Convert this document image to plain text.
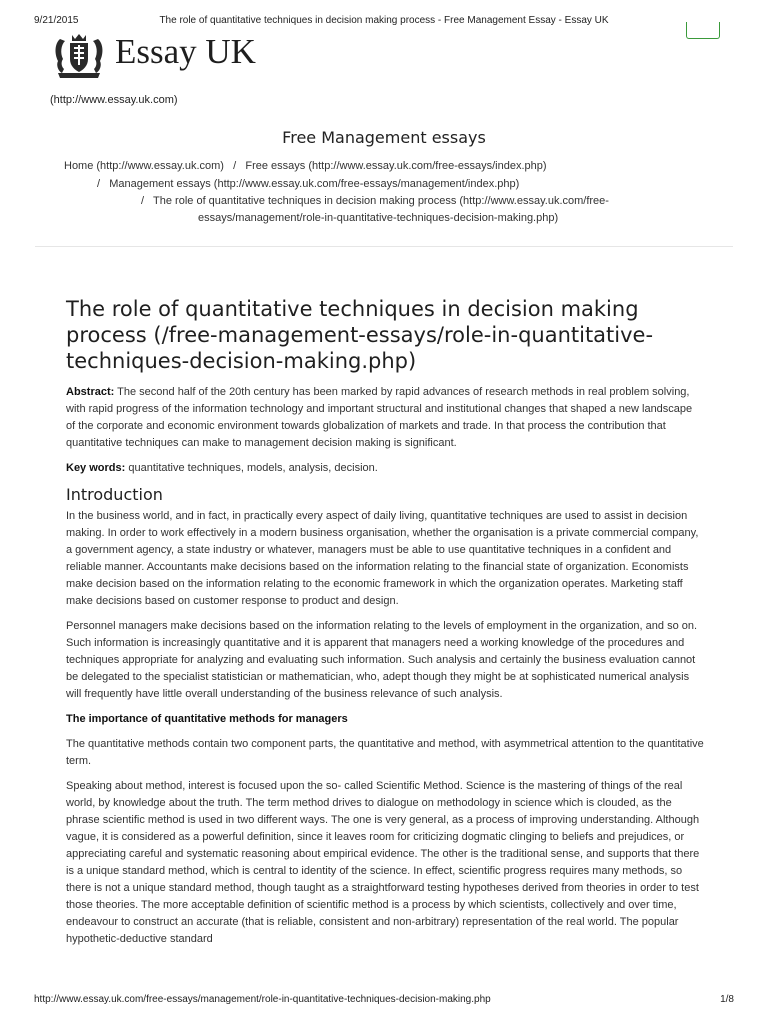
9/21/2015	The role of quantitative techniques in decision making process - Free Management Essay - Essay UK
Essay UK
(http://www.essay.uk.com)
Free Management essays
Home (http://www.essay.uk.com) / Free essays (http://www.essay.uk.com/free-essays/index.php)
/ Management essays (http://www.essay.uk.com/free-essays/management/index.php)
/ The role of quantitative techniques in decision making process (http://www.essay.uk.com/free-
essays/management/role-in-quantitative-techniques-decision-making.php)
The role of quantitative techniques in decision making process (/free-management-essays/role-in-quantitative-techniques-decision-making.php)

Abstract: The second half of the 20th century has been marked by rapid advances of research methods in real problem solving, with rapid progress of the information technology and important structural and institutional changes that shaped a new landscape of the corporate and economic environment towards globalization of markets and trade. In that process the contribution that quantitative techniques can make to management decision making is significant.

Key words: quantitative techniques, models, analysis, decision.

Introduction

In the business world, and in fact, in practically every aspect of daily living, quantitative techniques are used to assist in decision making. In order to work effectively in a modern business organisation, whether the organisation is a private commercial company, a government agency, a state industry or whatever, managers must be able to use quantitative techniques in a confident and reliable manner. Accountants make decisions based on the information relating to the financial state of organization. Economists make decision based on the information relating to the economic framework in which the organization operates. Marketing staff make decisions based on customer response to product and design.

Personnel managers make decisions based on the information relating to the levels of employment in the organization, and so on. Such information is increasingly quantitative and it is apparent that managers need a working knowledge of the procedures and techniques appropriate for analyzing and evaluating such information. Such analysis and certainly the business evaluation cannot be delegated to the specialist statistician or mathematician, who, adept though they might be at sophisticated numerical analysis will frequently have little overall understanding of the business relevance of such analysis.

The importance of quantitative methods for managers

The quantitative methods contain two component parts, the quantitative and method, with asymmetrical attention to the quantitative term.

Speaking about method, interest is focused upon the so- called Scientific Method. Science is the mastering of things of the real world, by knowledge about the truth. The term method drives to dialogue on methodology in science which is clouded, as the phrase scientific method is used in two different ways. The one is very general, as a process of improving understanding. Although vague, it is considered as a powerful definition, since it leaves room for criticizing dogmatic clinging to beliefs and prejudices, or appreciating careful and systematic reasoning about empirical evidence. The other is the traditional sense, and supports that there is a unique standard method, which is central to identity of the science. In effect, scientific progress requires many methods, so there is not a unique standard method, though taught as a straightforward testing hypotheses derived from theories in order to test those theories. The more acceptable definition of scientific method is a process by which scientists, collectively and over time, endeavour to construct an accurate (that is reliable, consistent and non-arbitrary) representation of the real world. The popular hypothetic-deductive standard

http://www.essay.uk.com/free-essays/management/role-in-quantitative-techniques-decision-making.php	1/8
